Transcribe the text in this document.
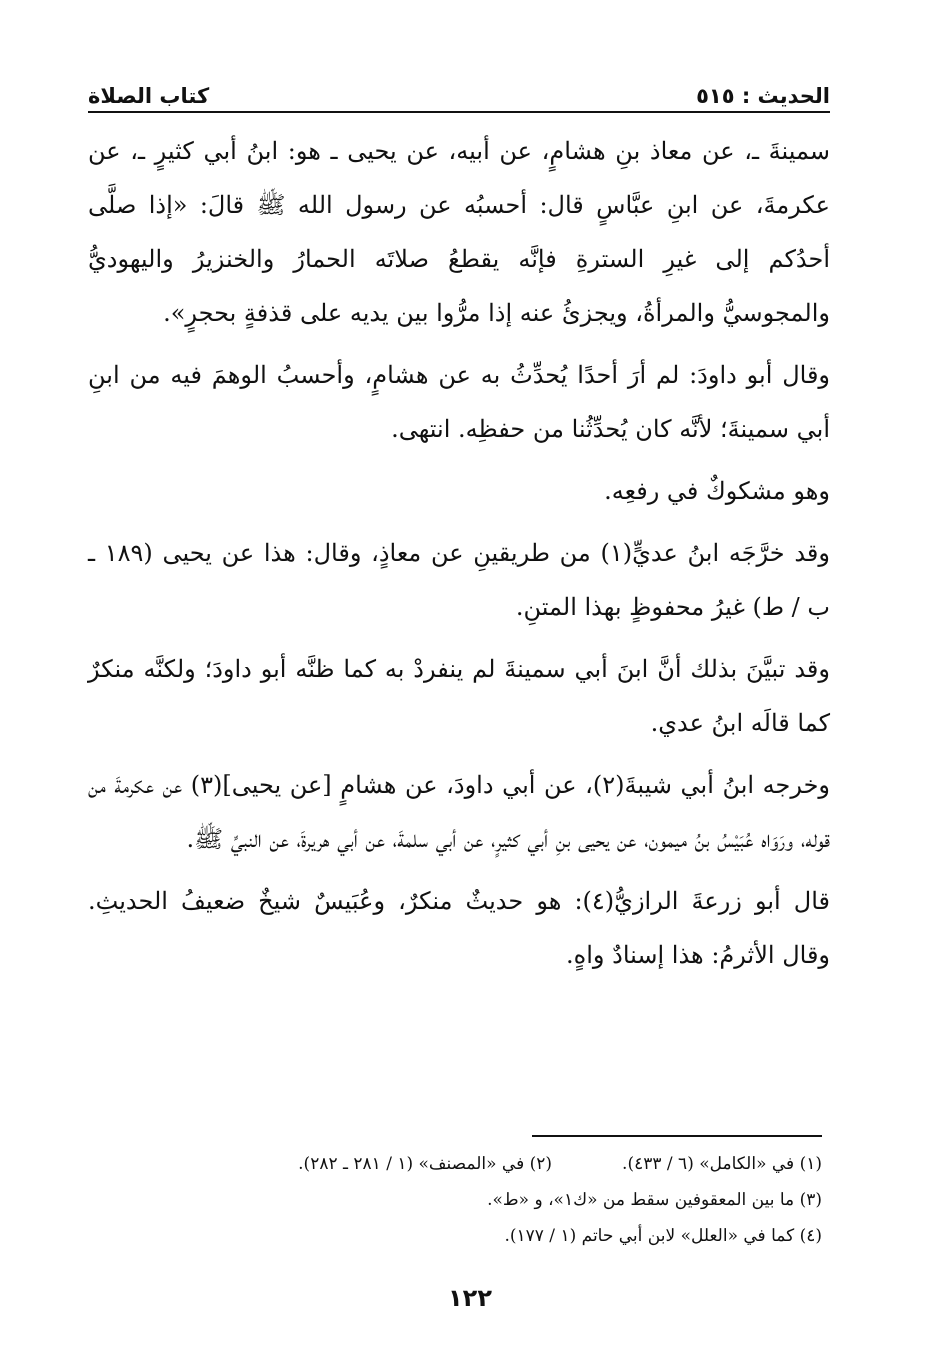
الحديث : ٥١٥
كتاب الصلاة

سمينةَ ـ، عن معاذ بنِ هشامٍ، عن أبيه، عن يحيى ـ هو: ابنُ أبي كثيرٍ ـ، عن عكرمةَ، عن ابنِ عبَّاسٍ قال: أحسبُه عن رسول الله ﷺ قالَ: «إذا صلَّى أحدُكم إلى غيرِ السترةِ فإنَّه يقطعُ صلاتَه الحمارُ والخنزيرُ واليهوديُّ والمجوسيُّ والمرأةُ، ويجزئُ عنه إذا مرُّوا بين يديه على قذفةٍ بحجرٍ».

وقال أبو داودَ: لم أرَ أحدًا يُحدِّثُ به عن هشامٍ، وأحسبُ الوهمَ فيه من ابنِ أبي سمينةَ؛ لأنَّه كان يُحدِّثُنا من حفظِه. انتهى.

وهو مشكوكٌ في رفعِه.

وقد خرَّجَه ابنُ عديٍّ(١) من طريقينِ عن معاذٍ، وقال: هذا عن يحيى (١٨٩ ـ ب / ط) غيرُ محفوظٍ بهذا المتنِ.

وقد تبيَّنَ بذلك أنَّ ابنَ أبي سمينةَ لم ينفردْ به كما ظنَّه أبو داودَ؛ ولكنَّه منكرٌ كما قالَه ابنُ عدي.

وخرجه ابنُ أبي شيبةَ(٢)، عن أبي داودَ، عن هشامٍ [عن يحيى](٣) عن عكرمةَ من قوله، ورَوَاه عُبَيْسُ بنُ ميمون، عن يحيى بنِ أبي كثيرٍ، عن أبي سلمةَ، عن أبي هريرةَ، عن النبيِّ ﷺ.

قال أبو زرعةَ الرازيُّ(٤): هو حديثٌ منكرٌ، وعُبَيسٌ شيخٌ ضعيفُ الحديثِ. وقال الأثرمُ: هذا إسنادٌ واهٍ.

(١) في «الكامل» (٦ / ٤٣٣).
(٢) في «المصنف» (١ / ٢٨١ ـ ٢٨٢).
(٣) ما بين المعقوفين سقط من «ك١»، و «ط».
(٤) كما في «العلل» لابن أبي حاتم (١ / ١٧٧).
١٢٢
